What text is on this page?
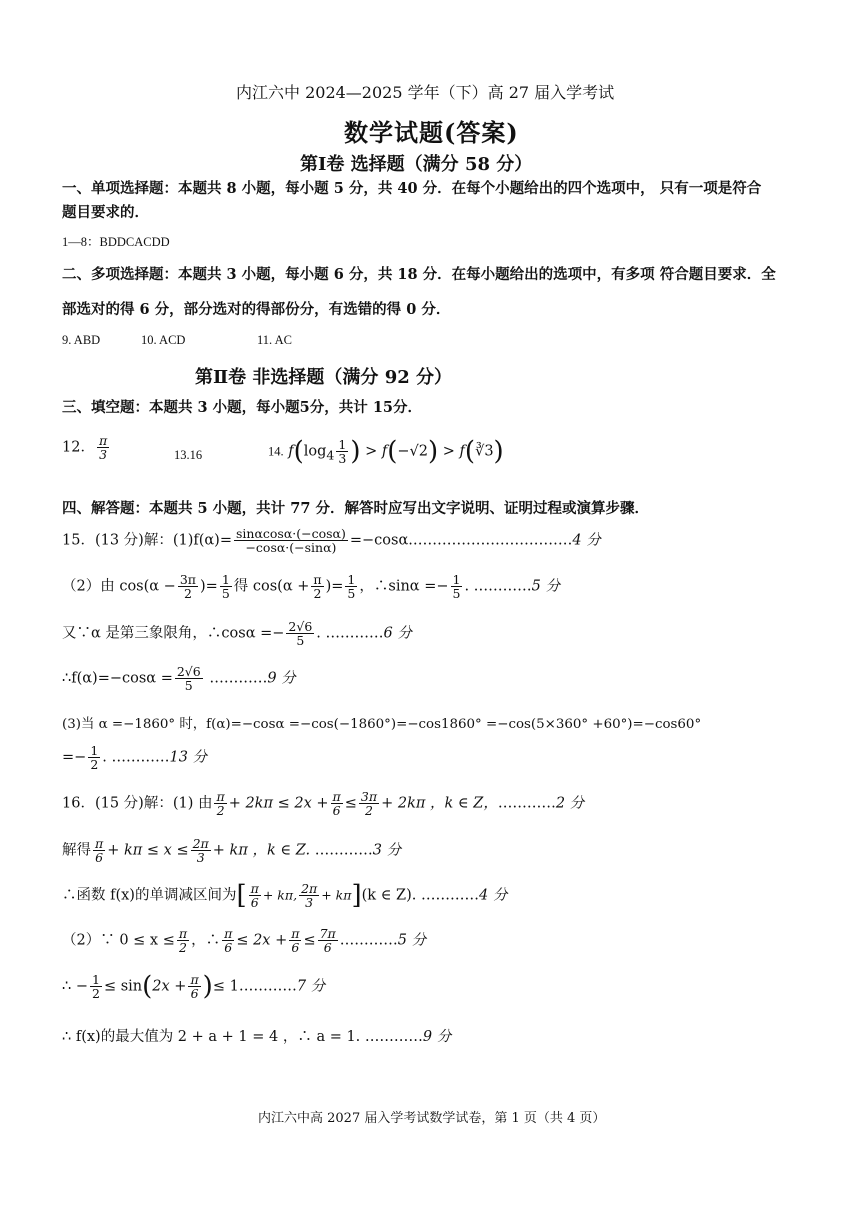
内江六中 2024—2025 学年（下）高 27 届入学考试
数学试题(答案)
第Ⅰ卷 选择题（满分 58 分）
一、单项选择题：本题共 8 小题，每小题 5 分，共 40 分．在每个小题给出的四个选项中， 只有一项是符合
题目要求的．
1—8：BDDCACDD
二、多项选择题：本题共 3 小题，每小题 6 分，共 18 分．在每小题给出的选项中，有多项 符合题目要求．全
部选对的得 6 分，部分选对的得部份分，有选错的得 0 分．
9. ABD	10. ACD	11. AC
第Ⅱ卷 非选择题（满分 92 分）
三、填空题：本题共 3 小题，每小题5分，共计 15分．
12． $\frac{\pi}{3}$	13.16	14. $f(\log_4 \frac{1}{3}$ ) > f(−√2) > f(∛3)
四、解答题：本题共 5 小题，共计 77 分．解答时应写出文字说明、证明过程或演算步骤．
15．(13 分)解：$(1)f(\alpha)= \frac{\sin\alpha\cos\alpha\cdot(-\cos\alpha)}{-\cos\alpha\cdot(-\sin\alpha)}$ =−cosα.……………………………4 分
（2）由 $\cos(\alpha - \frac{3\pi}{2}$ )= $\frac{1}{5}$ 得 $\cos(\alpha + \frac{\pi}{2}$ )= $\frac{1}{5}$ ，∴sinα =− $\frac{1}{5}$ . …………5 分
又∵α 是第三象限角，∴cosα =− $\frac{2√6}{5}$ . …………6 分
∴f(α)=−cosα = $\frac{2√6}{5}$ …………9 分
(3)当 α =−1860° 时，f(α)=−cosα =−cos(−1860°)=−cos1860° =−cos(5×360° +60°)=−cos60°
=− $\frac{1}{2}$ . …………13 分
16．(15 分)解：(1) 由 $\frac{\pi}{2} + 2k\pi \le 2x + \frac{\pi}{6} \le \frac{3\pi}{2} + 2k\pi$ ，k ∈ Z，…………2 分
解得 $\frac{\pi}{6} + k\pi \le x \le \frac{2\pi}{3} + k\pi$ ，k ∈ Z. …………3 分
∴函数 f(x)的单调减区间为[ $\frac{\pi}{6} + k\pi$, $\frac{2\pi}{3} + k\pi](k$ ∈ Z). …………4 分
（2）∵ $0 \le x \le \frac{\pi}{2}$ ，∴ $\frac{\pi}{6} \le 2x + \frac{\pi}{6} \le \frac{7\pi}{6}$ …………5 分
∴ − $\frac{1}{2} \le \sin(2x + \frac{\pi}{6}$ )≤ 1…………7 分
∴ f(x)的最大值为 2 + a + 1 = 4 ，∴ a = 1. …………9 分
内江六中高 2027 届入学考试数学试卷，第 1 页（共 4 页）
